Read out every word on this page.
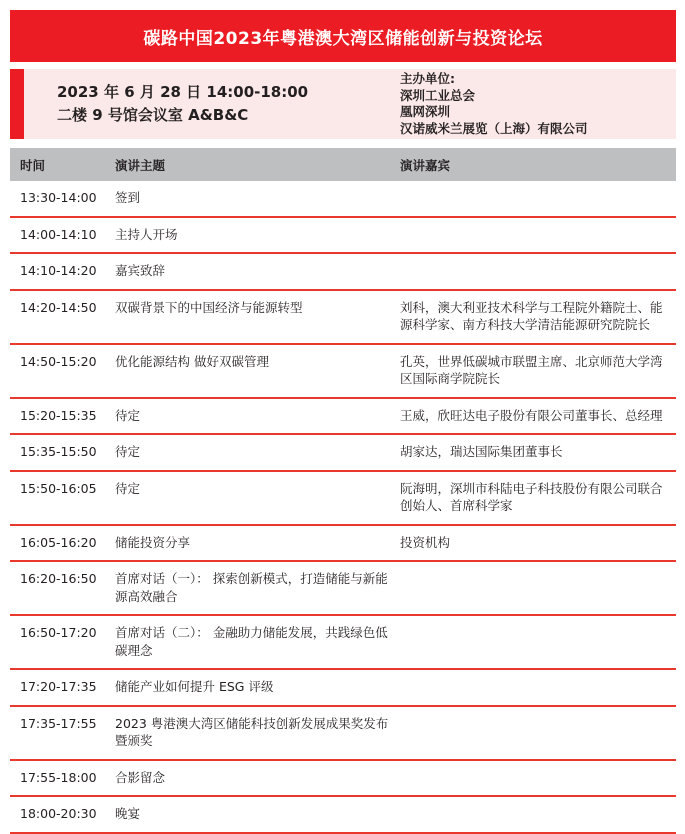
碳路中国2023年粤港澳大湾区储能创新与投资论坛
2023 年 6 月 28 日 14:00-18:00
二楼 9 号馆会议室 A&B&C
主办单位:
深圳工业总会
凰网深圳
汉诺威米兰展览（上海）有限公司
时间	演讲主题	演讲嘉宾
13:30-14:00	签到
14:00-14:10	主持人开场
14:10-14:20	嘉宾致辞
14:20-14:50	双碳背景下的中国经济与能源转型	刘科，澳大利亚技术科学与工程院外籍院士、能源科学家、南方科技大学清洁能源研究院院长
14:50-15:20	优化能源结构 做好双碳管理	孔英，世界低碳城市联盟主席、北京师范大学湾区国际商学院院长
15:20-15:35	待定	王威，欣旺达电子股份有限公司董事长、总经理
15:35-15:50	待定	胡家达，瑞达国际集团董事长
15:50-16:05	待定	阮海明，深圳市科陆电子科技股份有限公司联合创始人、首席科学家
16:05-16:20	储能投资分享	投资机构
16:20-16:50	首席对话（一）： 探索创新模式，打造储能与新能源高效融合
16:50-17:20	首席对话（二）： 金融助力储能发展，共践绿色低碳理念
17:20-17:35	储能产业如何提升 ESG 评级
17:35-17:55	2023 粤港澳大湾区储能科技创新发展成果奖发布暨颁奖
17:55-18:00	合影留念
18:00-20:30	晚宴
